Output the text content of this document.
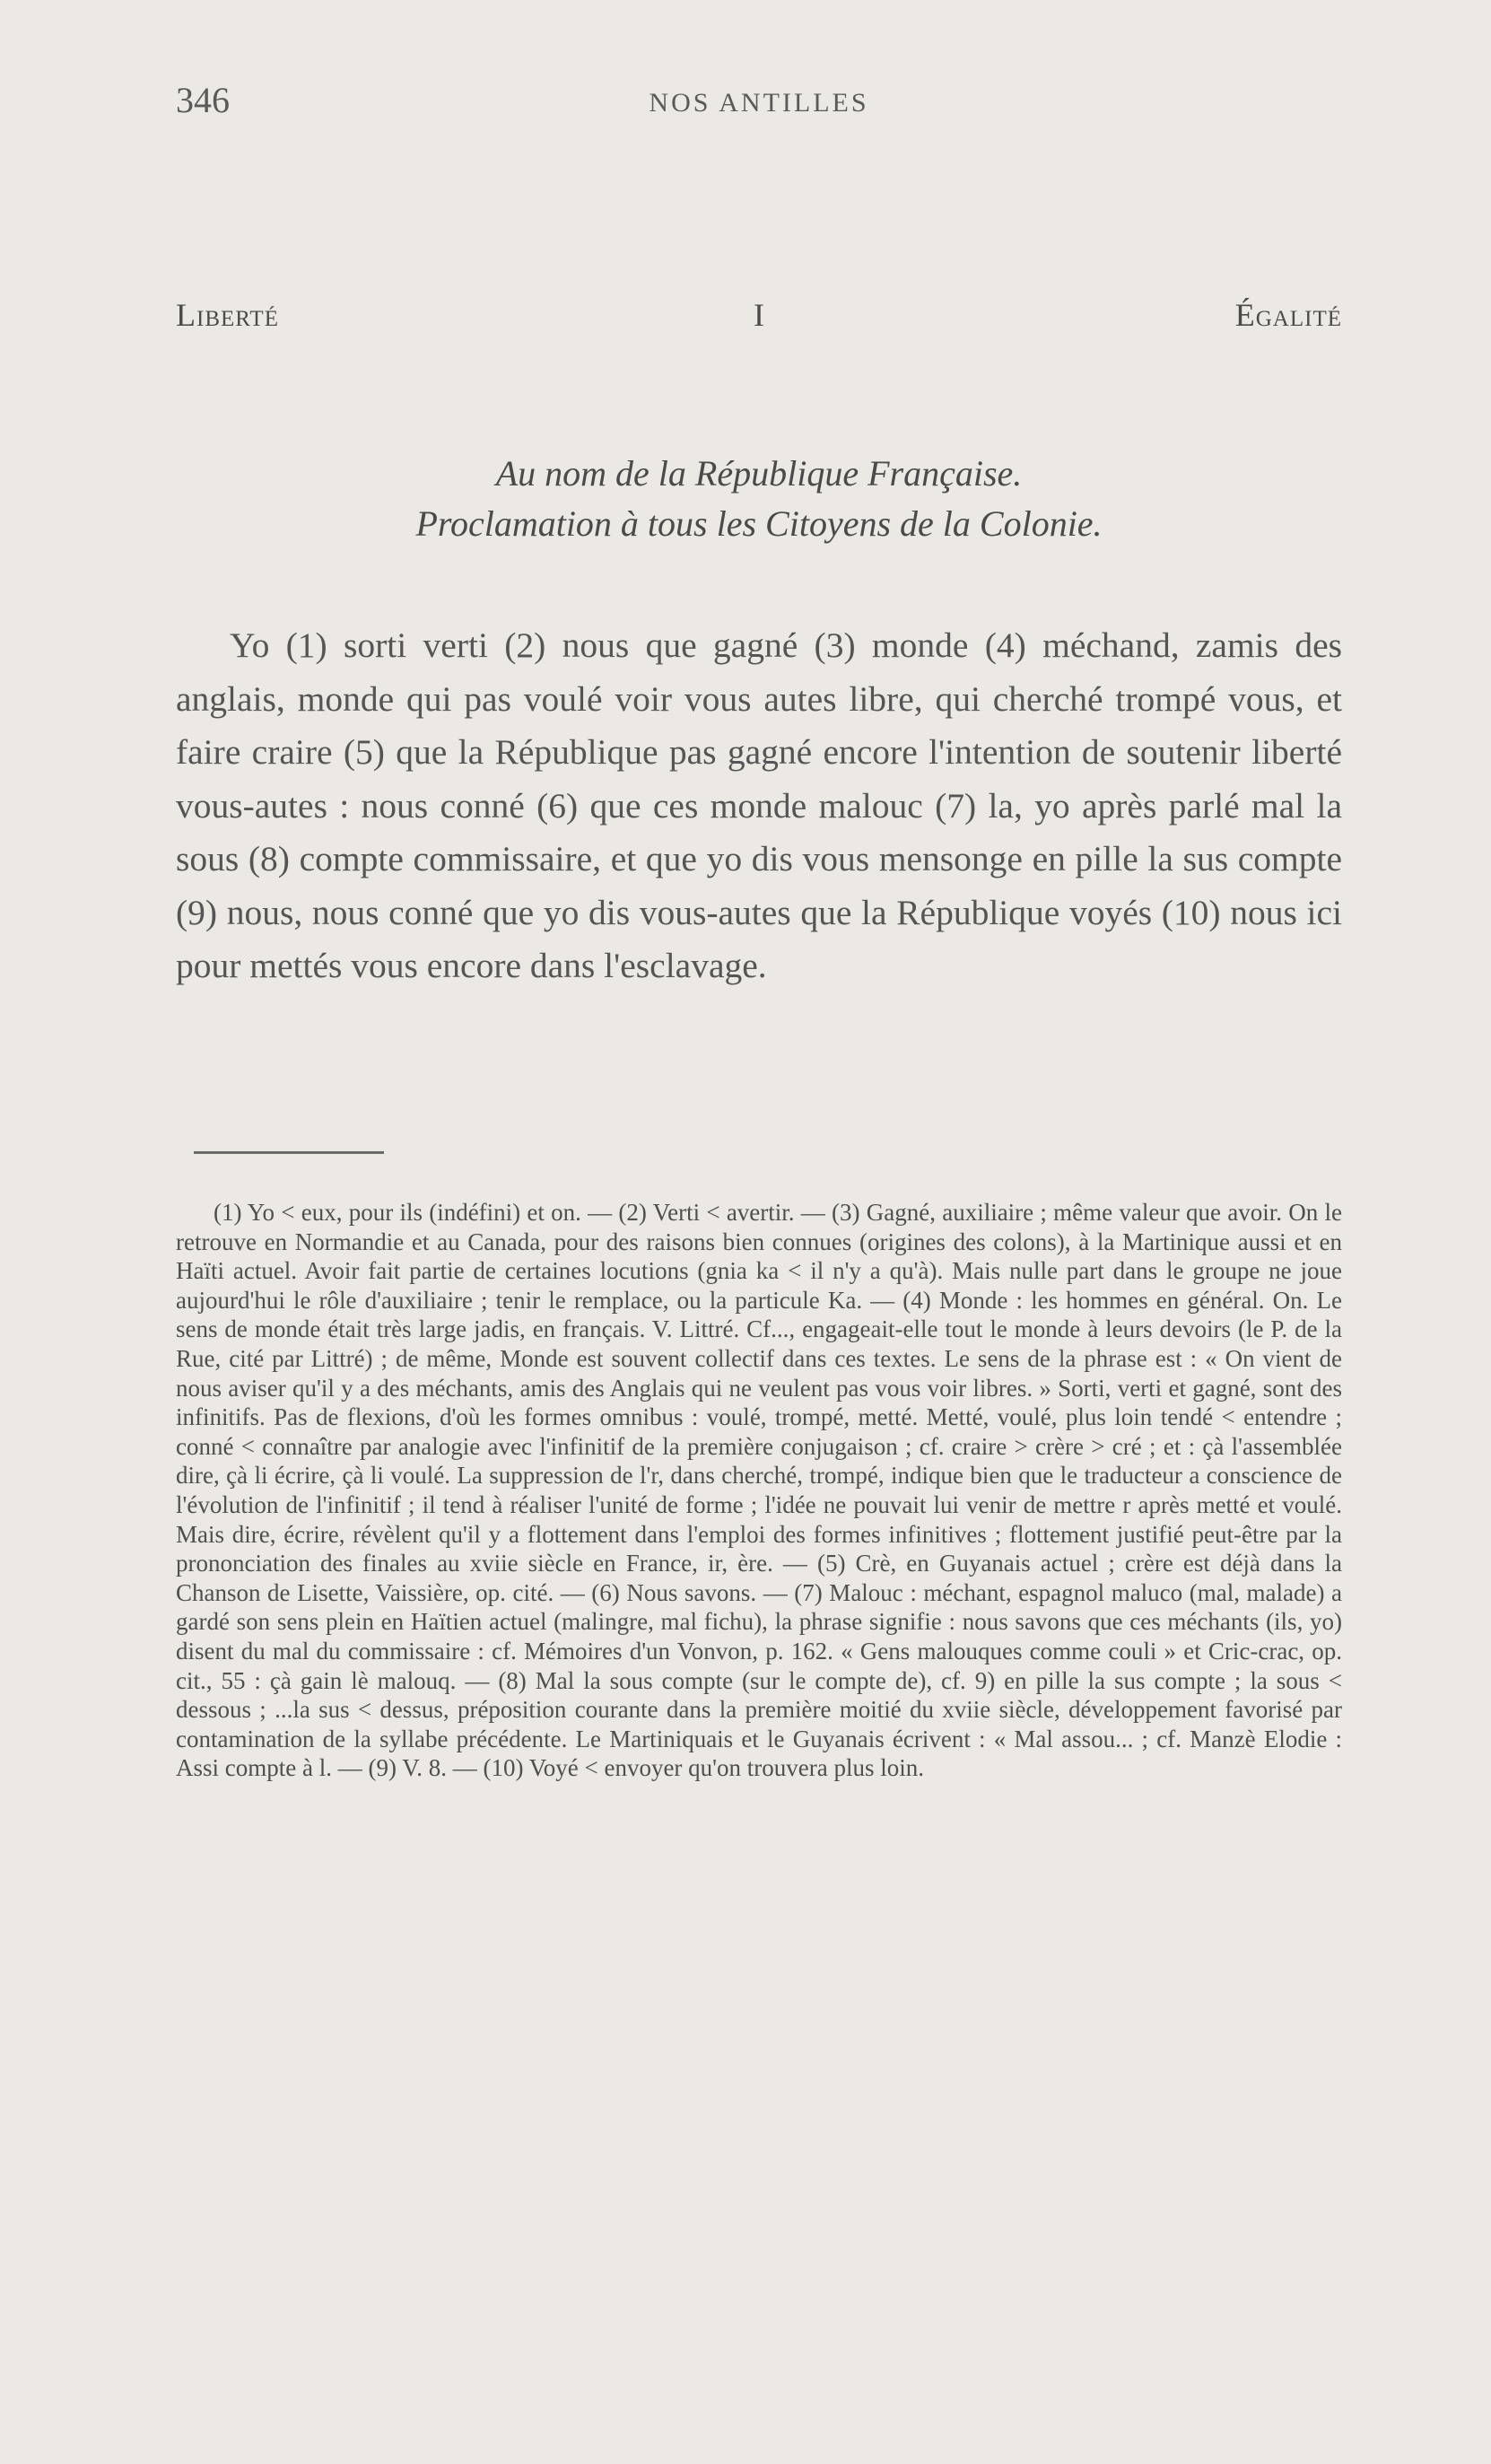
346	NOS ANTILLES
Liberté	I	Égalité
Au nom de la République Française.
Proclamation à tous les Citoyens de la Colonie.

Yo (1) sorti verti (2) nous que gagné (3) monde (4) méchand, zamis des anglais, monde qui pas voulé voir vous autes libre, qui cherché trompé vous, et faire craire (5) que la République pas gagné encore l'intention de soutenir liberté vous-autes : nous conné (6) que ces monde malouc (7) la, yo après parlé mal la sous (8) compte commissaire, et que yo dis vous mensonge en pille la sus compte (9) nous, nous conné que yo dis vous-autes que la République voyés (10) nous ici pour mettés vous encore dans l'esclavage.

(1) Yo < eux, pour ils (indéfini) et on. — (2) Verti < avertir. — (3) Gagné, auxiliaire ; même valeur que avoir. On le retrouve en Normandie et au Canada, pour des raisons bien connues (origines des colons), à la Martinique aussi et en Haïti actuel. Avoir fait partie de certaines locutions (gnia ka < il n'y a qu'à). Mais nulle part dans le groupe ne joue aujourd'hui le rôle d'auxiliaire ; tenir le remplace, ou la particule Ka. — (4) Monde : les hommes en général. On. Le sens de monde était très large jadis, en français. V. Littré. Cf..., engageait-elle tout le monde à leurs devoirs (le P. de la Rue, cité par Littré) ; de même, Monde est souvent collectif dans ces textes. Le sens de la phrase est : « On vient de nous aviser qu'il y a des méchants, amis des Anglais qui ne veulent pas vous voir libres. » Sorti, verti et gagné, sont des infinitifs. Pas de flexions, d'où les formes omnibus : voulé, trompé, metté. Metté, voulé, plus loin tendé < entendre ; conné < connaître par analogie avec l'infinitif de la première conjugaison ; cf. craire > crère > cré ; et : çà l'assemblée dire, çà li écrire, çà li voulé. La suppression de l'r, dans cherché, trompé, indique bien que le traducteur a conscience de l'évolution de l'infinitif ; il tend à réaliser l'unité de forme ; l'idée ne pouvait lui venir de mettre r après metté et voulé. Mais dire, écrire, révèlent qu'il y a flottement dans l'emploi des formes infinitives ; flottement justifié peut-être par la prononciation des finales au xviie siècle en France, ir, ère. — (5) Crè, en Guyanais actuel ; crère est déjà dans la Chanson de Lisette, Vaissière, op. cité. — (6) Nous savons. — (7) Malouc : méchant, espagnol maluco (mal, malade) a gardé son sens plein en Haïtien actuel (malingre, mal fichu), la phrase signifie : nous savons que ces méchants (ils, yo) disent du mal du commissaire : cf. Mémoires d'un Vonvon, p. 162. « Gens malouques comme couli » et Cric-crac, op. cit., 55 : çà gain lè malouq. — (8) Mal la sous compte (sur le compte de), cf. 9) en pille la sus compte ; la sous < dessous ; ...la sus < dessus, préposition courante dans la première moitié du xviie siècle, développement favorisé par contamination de la syllabe précédente. Le Martiniquais et le Guyanais écrivent : « Mal assou... ; cf. Manzè Elodie : Assi compte à l. — (9) V. 8. — (10) Voyé < envoyer qu'on trouvera plus loin.
